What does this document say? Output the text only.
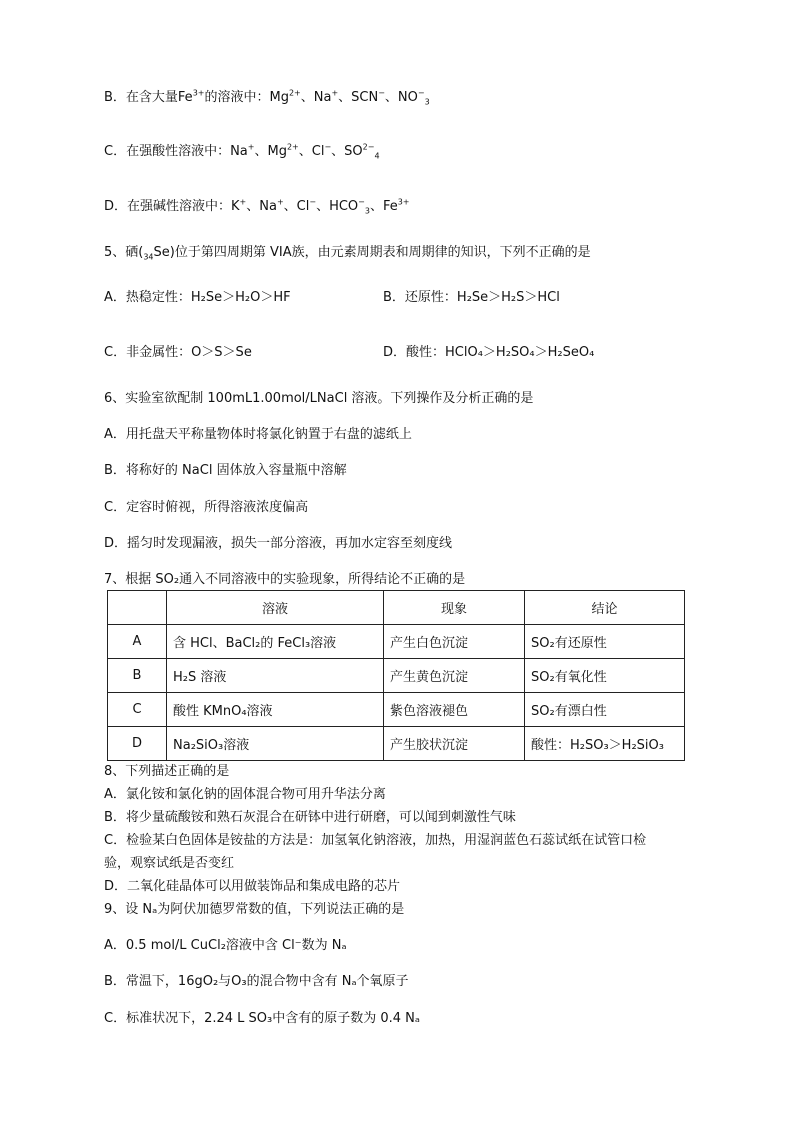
B．在含大量$Fe^{3+}$的溶液中：$Mg^{2+}$、Na+、SCN−、$NO^-_3$
C．在强酸性溶液中：Na+、$Mg^{2+}$、Cl−、$SO^{2-}_4$
D．在强碱性溶液中：K+、Na+、Cl−、$HCO^-_3$、$Fe^{3+}$
5、硒$(_{34}Se)$位于第四周期第 VIA族，由元素周期表和周期律的知识，下列不正确的是
A．热稳定性：H₂Se＞H₂O＞HF	B．还原性：H₂Se＞H₂S＞HCl
C．非金属性：O＞S＞Se	D．酸性：HClO₄＞H₂SO₄＞H₂SeO₄
6、实验室欲配制 100mL1.00mol/LNaCl 溶液。下列操作及分析正确的是
A．用托盘天平称量物体时将氯化钠置于右盘的滤纸上
B．将称好的 NaCl 固体放入容量瓶中溶解
C．定容时俯视，所得溶液浓度偏高
D．摇匀时发现漏液，损失一部分溶液，再加水定容至刻度线
7、根据 SO₂通入不同溶液中的实验现象，所得结论不正确的是
	溶液	现象	结论
A	含 HCl、BaCl₂的 FeCl₃溶液	产生白色沉淀	SO₂有还原性
B	H₂S 溶液	产生黄色沉淀	SO₂有氧化性
C	酸性 KMnO₄溶液	紫色溶液褪色	SO₂有漂白性
D	Na₂SiO₃溶液	产生胶状沉淀	酸性：H₂SO₃＞H₂SiO₃
8、下列描述正确的是
A．氯化铵和氯化钠的固体混合物可用升华法分离
B．将少量硫酸铵和熟石灰混合在研钵中进行研磨，可以闻到刺激性气味
C．检验某白色固体是铵盐的方法是：加氢氧化钠溶液，加热，用湿润蓝色石蕊试纸在试管口检
验，观察试纸是否变红
D．二氧化硅晶体可以用做装饰品和集成电路的芯片
9、设 Nₐ为阿伏加德罗常数的值，下列说法正确的是
A．0.5 mol/L CuCl₂溶液中含 Cl⁻数为 Nₐ
B．常温下，16gO₂与O₃的混合物中含有 Nₐ个氧原子
C．标准状况下，2.24 L SO₃中含有的原子数为 0.4 Nₐ
